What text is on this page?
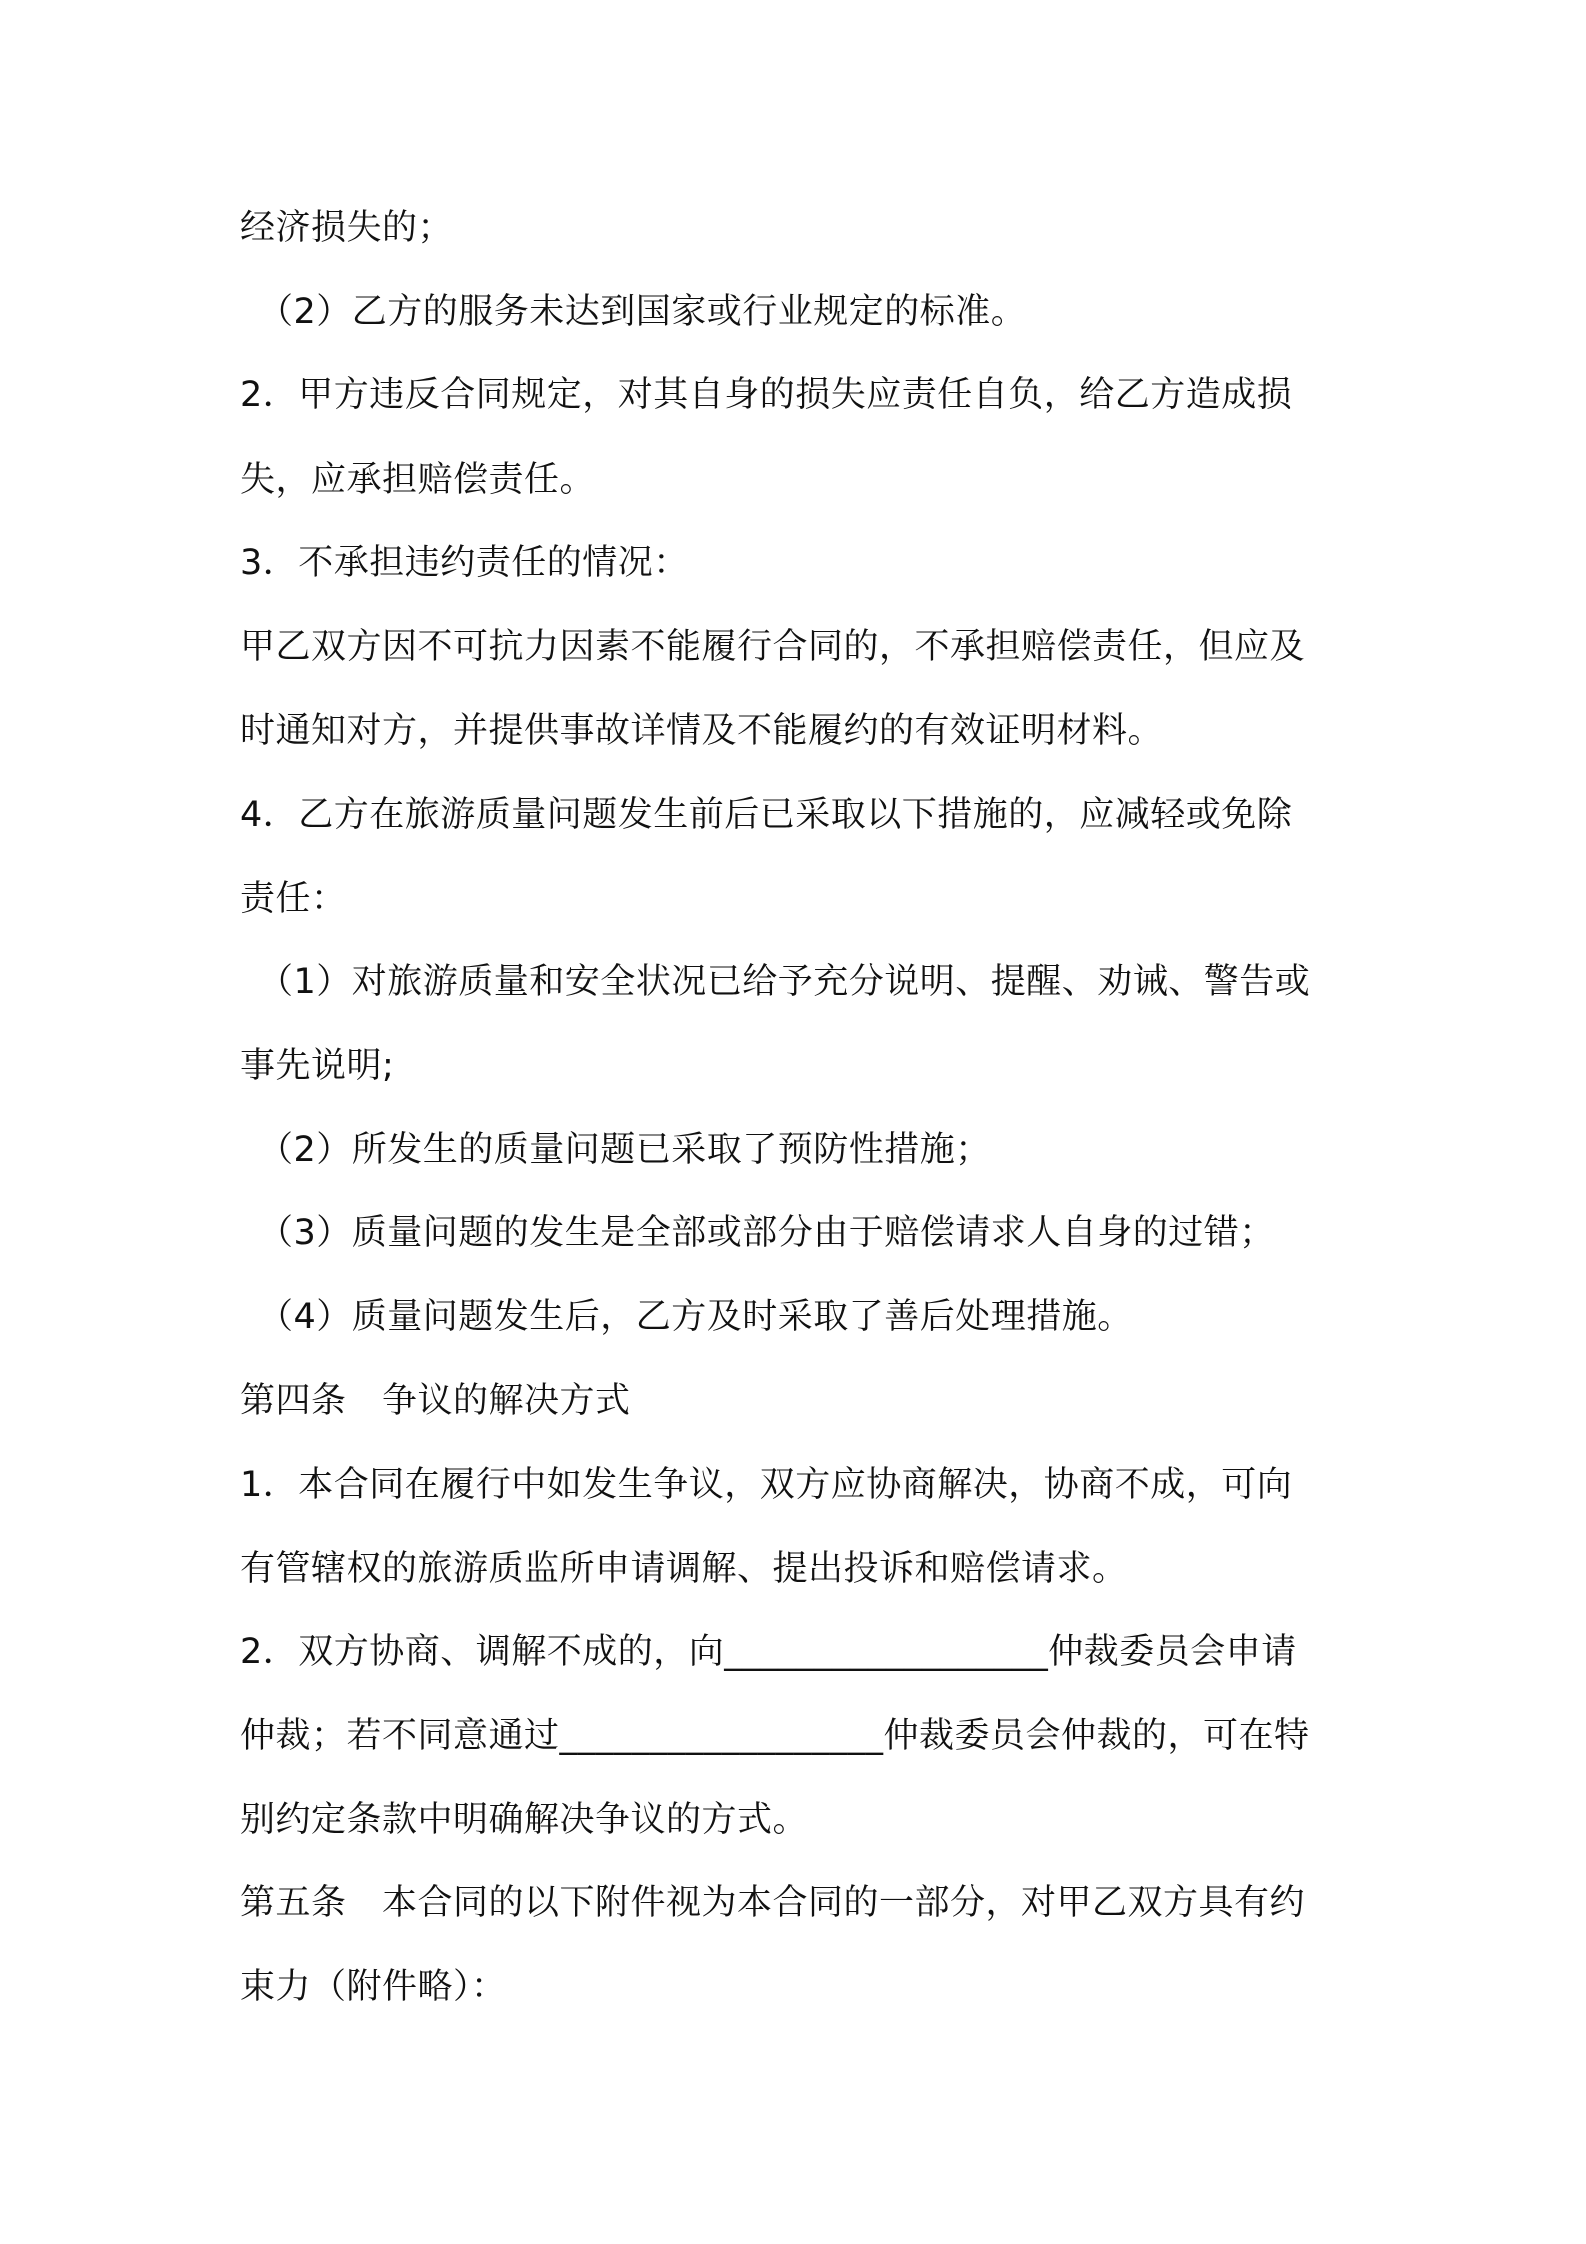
经济损失的；
（2）乙方的服务未达到国家或行业规定的标准。
2．甲方违反合同规定，对其自身的损失应责任自负，给乙方造成损
失，应承担赔偿责任。
3．不承担违约责任的情况：
甲乙双方因不可抗力因素不能履行合同的，不承担赔偿责任，但应及
时通知对方，并提供事故详情及不能履约的有效证明材料。
4．乙方在旅游质量问题发生前后已采取以下措施的，应减轻或免除
责任：
（1）对旅游质量和安全状况已给予充分说明、提醒、劝诫、警告或
事先说明;
（2）所发生的质量问题已采取了预防性措施；
（3）质量问题的发生是全部或部分由于赔偿请求人自身的过错；
（4）质量问题发生后，乙方及时采取了善后处理措施。
第四条　争议的解决方式
1．本合同在履行中如发生争议，双方应协商解决，协商不成，可向
有管辖权的旅游质监所申请调解、提出投诉和赔偿请求。
2．双方协商、调解不成的，向__________________仲裁委员会申请
仲裁；若不同意通过__________________仲裁委员会仲裁的，可在特
别约定条款中明确解决争议的方式。
第五条　本合同的以下附件视为本合同的一部分，对甲乙双方具有约
束力（附件略）：
